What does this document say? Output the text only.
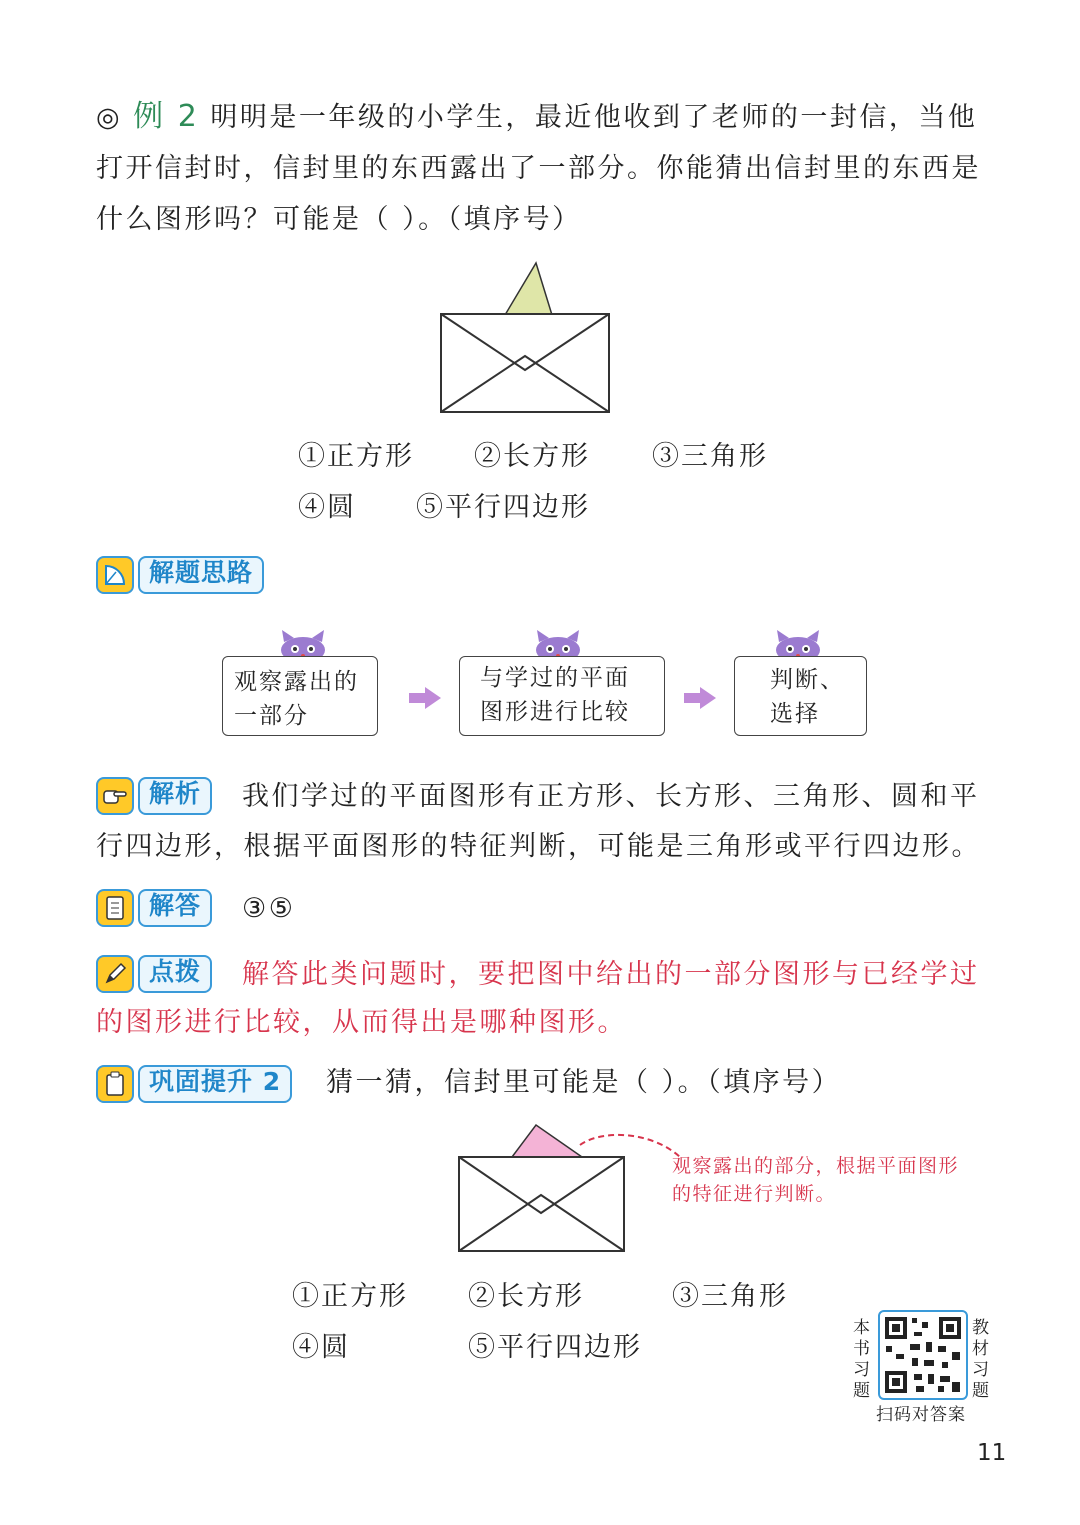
◎ 例 2 明明是一年级的小学生，最近他收到了老师的一封信，当他
打开信封时，信封里的东西露出了一部分。你能猜出信封里的东西是
什么图形吗？可能是（ ）。（填序号）
①正方形 ②长方形 ③三角形
④圆 ⑤平行四边形
解题思路
观察露出的
一部分
与学过的平面
图形进行比较
判断、
选择
解析	我们学过的平面图形有正方形、长方形、三角形、圆和平
行四边形，根据平面图形的特征判断，可能是三角形或平行四边形。
解答	③⑤
点拨	解答此类问题时，要把图中给出的一部分图形与已经学过
的图形进行比较，从而得出是哪种图形。
巩固提升 2	猜一猜，信封里可能是（ ）。（填序号）
观察露出的部分，根据平面图形
的特征进行判断。
①正方形 ②长方形	③三角形
④圆	⑤平行四边形
本书习题
教材习题
扫码对答案
11
